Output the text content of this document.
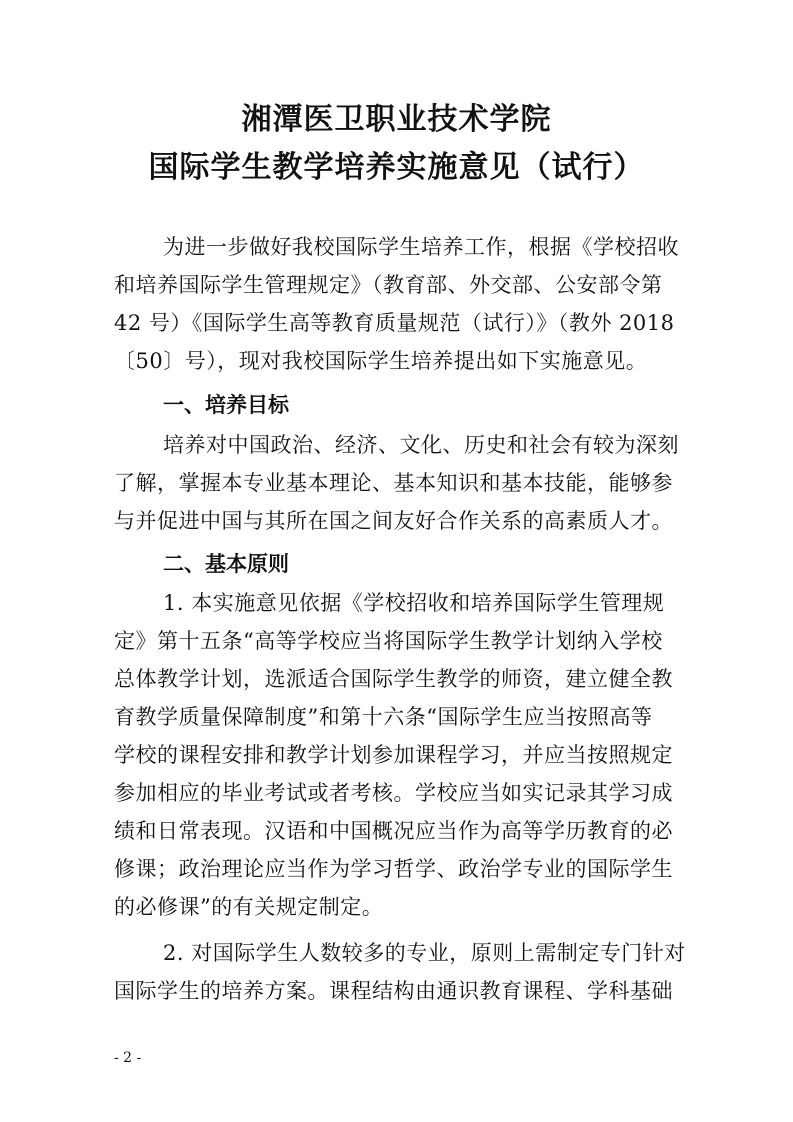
湘潭医卫职业技术学院
国际学生教学培养实施意见（试行）
为进一步做好我校国际学生培养工作，根据《学校招收
和培养国际学生管理规定》（教育部、外交部、公安部令第
42 号）《国际学生高等教育质量规范（试行）》（教外 2018
〔50〕号），现对我校国际学生培养提出如下实施意见。
一、培养目标
培养对中国政治、经济、文化、历史和社会有较为深刻
了解，掌握本专业基本理论、基本知识和基本技能，能够参
与并促进中国与其所在国之间友好合作关系的高素质人才。
二、基本原则
1. 本实施意见依据《学校招收和培养国际学生管理规
定》第十五条“高等学校应当将国际学生教学计划纳入学校
总体教学计划，选派适合国际学生教学的师资，建立健全教
育教学质量保障制度”和第十六条“国际学生应当按照高等
学校的课程安排和教学计划参加课程学习，并应当按照规定
参加相应的毕业考试或者考核。学校应当如实记录其学习成
绩和日常表现。汉语和中国概况应当作为高等学历教育的必
修课；政治理论应当作为学习哲学、政治学专业的国际学生
的必修课”的有关规定制定。
2. 对国际学生人数较多的专业，原则上需制定专门针对
国际学生的培养方案。课程结构由通识教育课程、学科基础
- 2 -
